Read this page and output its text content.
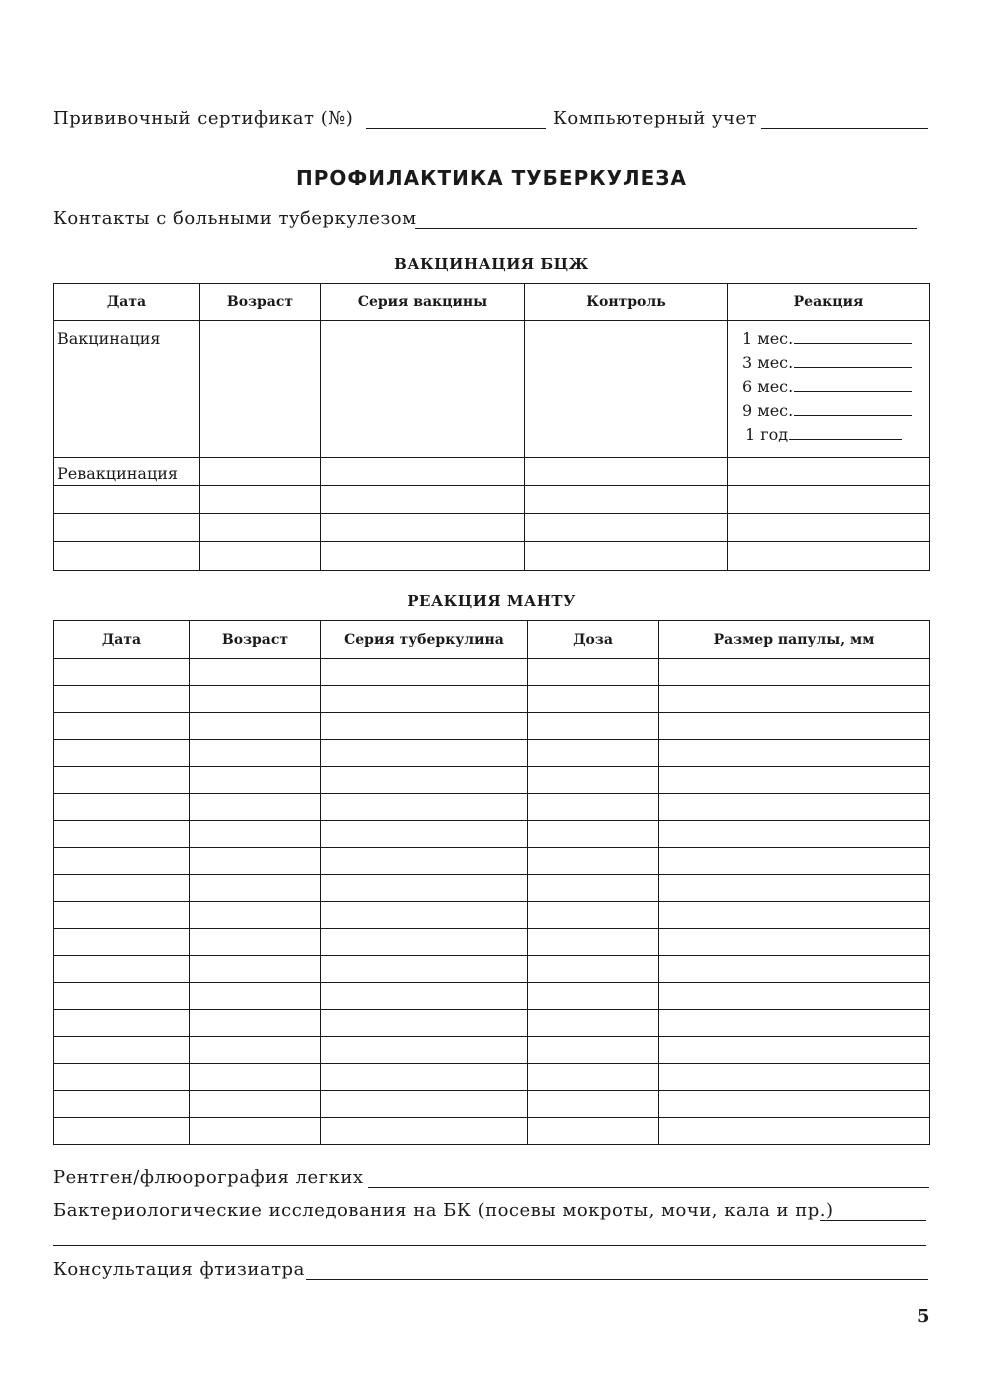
Прививочный сертификат (№)	Компьютерный учет
ПРОФИЛАКТИКА ТУБЕРКУЛЕЗА
Контакты с больными туберкулезом
ВАКЦИНАЦИЯ БЦЖ
Дата	Возраст	Серия вакцины	Контроль	Реакция
Вакцинация				1 мес.
3 мес.
6 мес.
9 мес.
1 год

Ревакцинация				

РЕАКЦИЯ МАНТУ
Дата	Возраст	Серия туберкулина	Доза	Размер папулы, мм

Рентген/флюорография легких
Бактериологические исследования на БК (посевы мокроты, мочи, кала и пр.)
Консультация фтизиатра
5
